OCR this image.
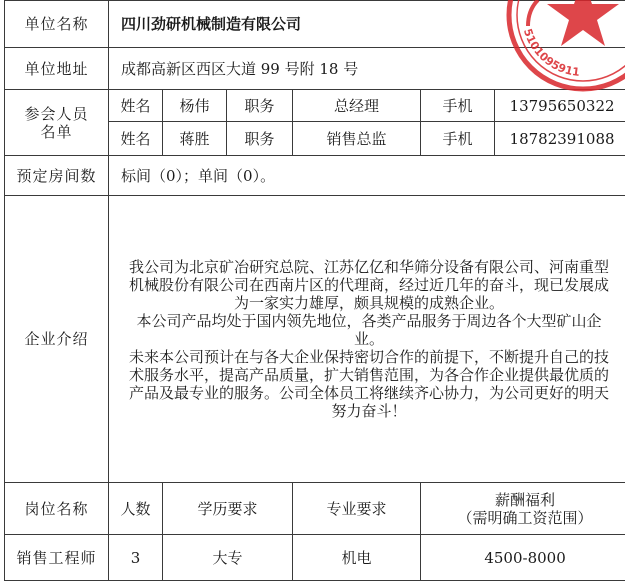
单位名称	四川劲研机械制造有限公司					
单位地址	成都高新区西区大道 99 号附 18 号					

参会人员
名单	姓名	杨伟	职务	总经理	手机	13795650322
	姓名	蒋胜	职务	销售总监	手机	18782391088
预定房间数	标间（0）；单间（0）。					
企业介绍	我公司为北京矿冶研究总院、江苏亿亿和华筛分设备有限公司、河南重型机械股份有限公司在西南片区的代理商，经过近几年的奋斗，现已发展成为一家实力雄厚，颇具规模的成熟企业。

本公司产品均处于国内领先地位，各类产品服务于周边各个大型矿山企业。

未来本公司预计在与各大企业保持密切合作的前提下，不断提升自己的技术服务水平，提高产品质量，扩大销售范围，为各合作企业提供最优质的产品及最专业的服务。公司全体员工将继续齐心协力，为公司更好的明天努力奋斗！					

岗位名称	人数	学历要求		专业要求	薪酬福利
（需明确工资范围）	

销售工程师	3	大专		机电	4500-8000	
5101095911
